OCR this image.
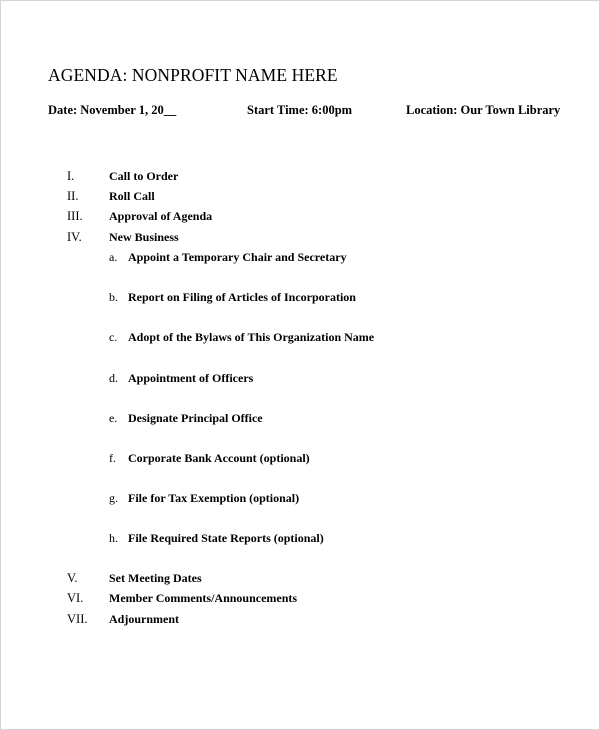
AGENDA: NONPROFIT NAME HERE
Date: November 1, 20__	Start Time: 6:00pm	Location: Our Town Library
I.	Call to Order
II.	Roll Call
III. Approval of Agenda
IV. New Business
a. Appoint a Temporary Chair and Secretary
b. Report on Filing of Articles of Incorporation
c. Adopt of the Bylaws of This Organization Name
d. Appointment of Officers
e. Designate Principal Office
f. Corporate Bank Account (optional)
g. File for Tax Exemption (optional)
h. File Required State Reports (optional)
V.	Set Meeting Dates
VI. Member Comments/Announcements
VII. Adjournment
